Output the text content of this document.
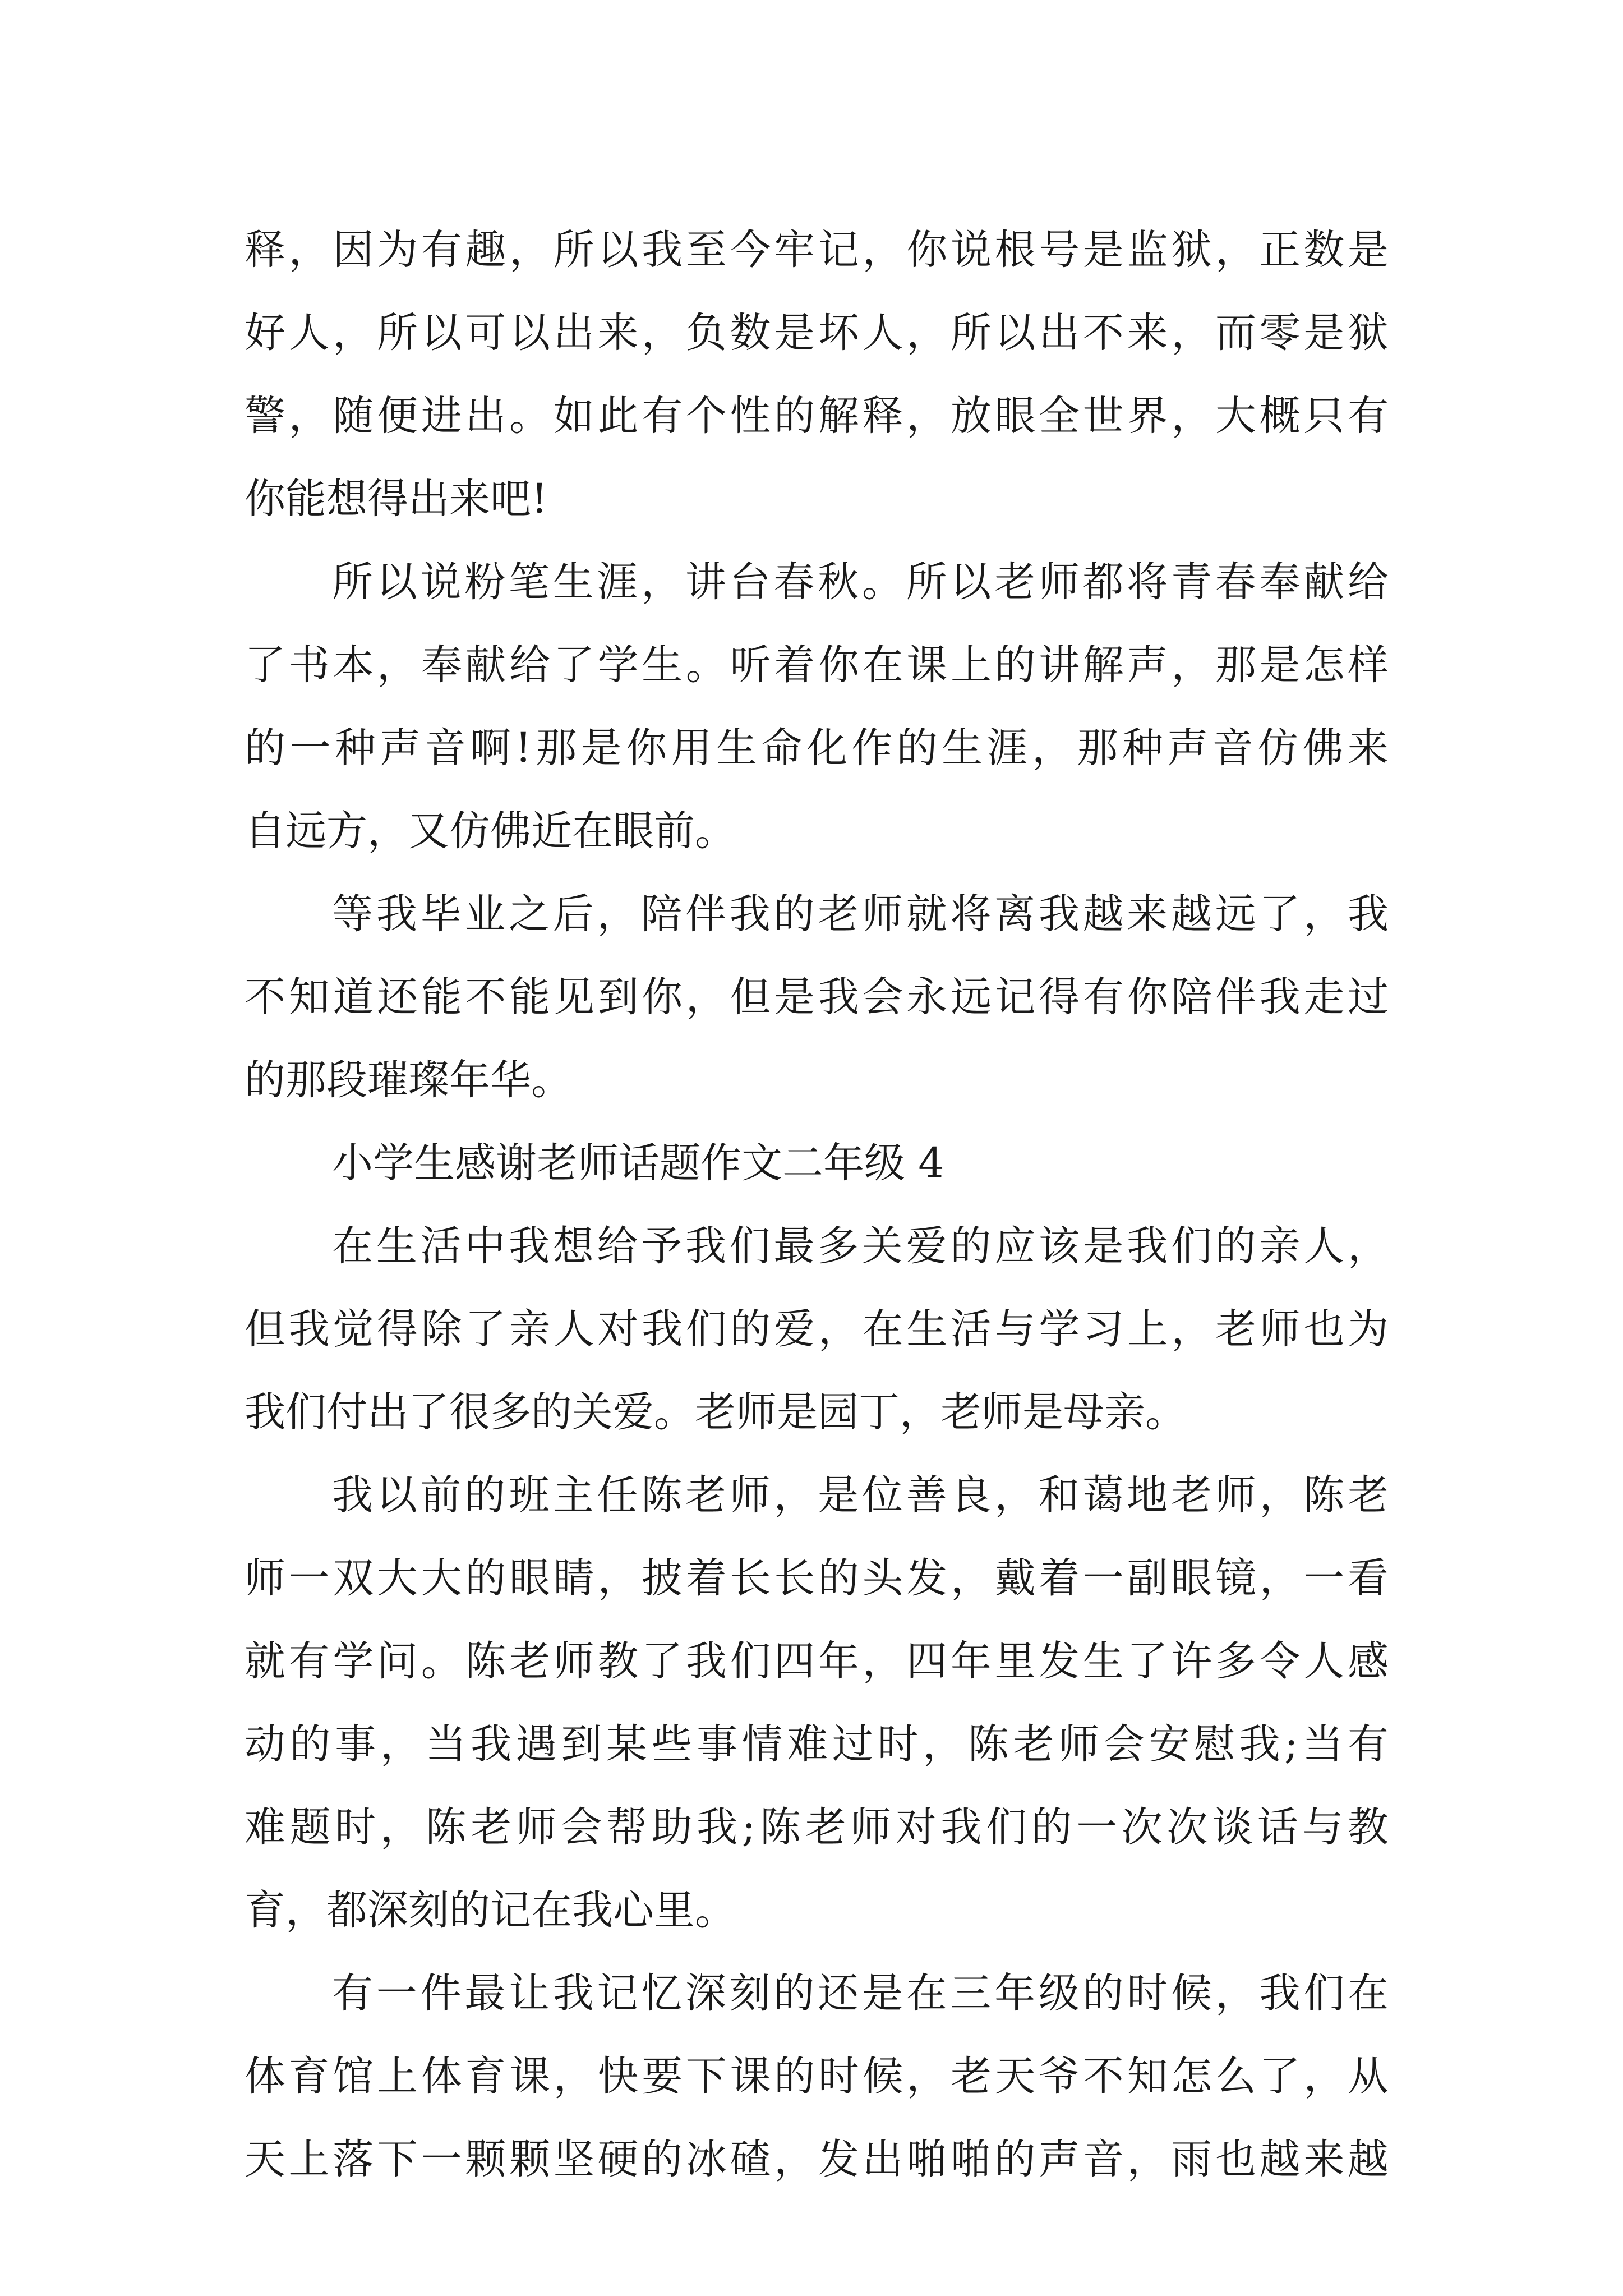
释，因为有趣，所以我至今牢记，你说根号是监狱，正数是
好人，所以可以出来，负数是坏人，所以出不来，而零是狱
警，随便进出。如此有个性的解释，放眼全世界，大概只有
你能想得出来吧!
所以说粉笔生涯，讲台春秋。所以老师都将青春奉献给
了书本，奉献给了学生。听着你在课上的讲解声，那是怎样
的一种声音啊!那是你用生命化作的生涯，那种声音仿佛来
自远方，又仿佛近在眼前。
等我毕业之后，陪伴我的老师就将离我越来越远了，我
不知道还能不能见到你，但是我会永远记得有你陪伴我走过
的那段璀璨年华。
小学生感谢老师话题作文二年级 4
在生活中我想给予我们最多关爱的应该是我们的亲人，
但我觉得除了亲人对我们的爱，在生活与学习上，老师也为
我们付出了很多的关爱。老师是园丁，老师是母亲。
我以前的班主任陈老师，是位善良，和蔼地老师，陈老
师一双大大的眼睛，披着长长的头发，戴着一副眼镜，一看
就有学问。陈老师教了我们四年，四年里发生了许多令人感
动的事，当我遇到某些事情难过时，陈老师会安慰我;当有
难题时，陈老师会帮助我;陈老师对我们的一次次谈话与教
育，都深刻的记在我心里。
有一件最让我记忆深刻的还是在三年级的时候，我们在
体育馆上体育课，快要下课的时候，老天爷不知怎么了，从
天上落下一颗颗坚硬的冰碴，发出啪啪的声音，雨也越来越
